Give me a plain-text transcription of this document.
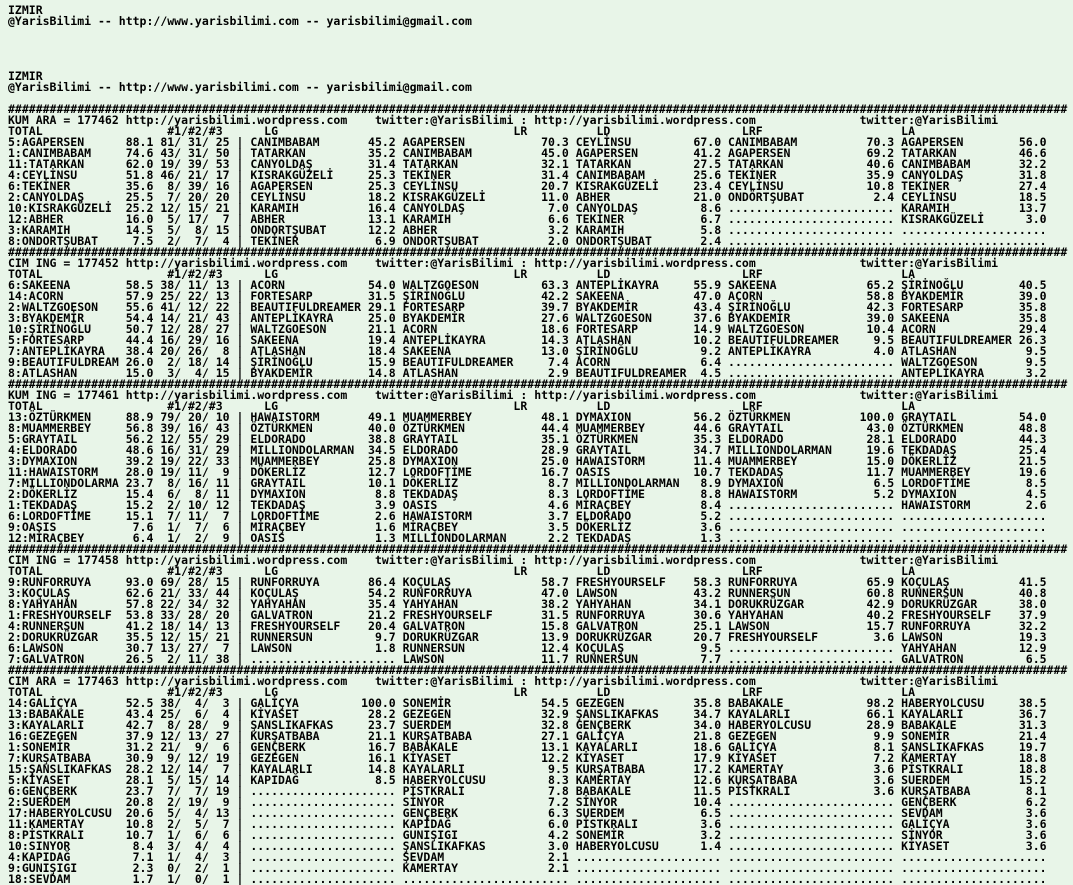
IZMIR
@YarisBilimi -- http://www.yarisbilimi.com -- yarisbilimi@gmail.com
IZMIR
@YarisBilimi -- http://www.yarisbilimi.com -- yarisbilimi@gmail.com
#########################################################################################################################################################
KUM ARA = 177462 http://yarisbilimi.wordpress.com    twitter:@YarisBilimi : http://yarisbilimi.wordpress.com               twitter:@YarisBilimi
TOTAL                  #1/#2/#3      LG                                  LR          LD                   LRF                    LA
5:AGAPERSEN      88.1 81/ 31/ 25 | CANIMBABAM       45.2 AGAPERSEN           70.3 CEYLİNSU         67.0 CANIMBABAM          70.3 AGAPERSEN        56.0
1:CANIMBABAM     74.6 43/ 31/ 50 | TATARKAN         35.2 CANIMBABAM          45.0 AGAPERSEN        41.2 AGAPERSEN           69.2 TATARKAN         46.6
11:TATARKAN      62.0 19/ 39/ 53 | CANYOLDAŞ        31.4 TATARKAN            32.1 TATARKAN         27.5 TATARKAN            40.6 CANIMBABAM       32.2
4:CEYLİNSU       51.8 46/ 21/ 17 | KISRAKGÜZELİ     25.3 TEKİNER             31.4 CANIMBABAM       25.6 TEKİNER             35.9 CANYOLDAŞ        31.8
6:TEKİNER        35.6  8/ 39/ 16 | AGAPERSEN        25.3 CEYLİNSU            20.7 KISRAKGÜZELİ     23.4 CEYLİNSU            10.8 TEKİNER          27.4
2:CANYOLDAŞ      25.5  7/ 20/ 20 | CEYLİNSU         18.2 KISRAKGÜZELİ        11.0 ABHER            21.0 ONDÖRTŞUBAT          2.4 CEYLİNSU         18.5
10:KISRAKGÜZELİ  25.2 12/ 15/ 21 | KARAMIH          16.4 CANYOLDAŞ            7.0 CANYOLDAŞ         8.6 ........................ KARAMIH          13.7
12:ABHER         16.0  5/ 17/  7 | ABHER            13.1 KARAMIH              6.6 TEKİNER           6.7 ........................ KISRAKGÜZELİ      3.0
3:KARAMIH        14.5  5/  8/ 15 | ONDORTŞUBAT      12.2 ABHER                3.2 KARAMIH           5.8 ........................ .....................
8:ONDORTŞUBAT     7.5  2/  7/  4 | TEKİNER           6.9 ONDORTŞUBAT          2.0 ONDORTŞUBAT       2.4 ........................ .....................
#########################################################################################################################################################
CIM ING = 177452 http://yarisbilimi.wordpress.com    twitter:@YarisBilimi : http://yarisbilimi.wordpress.com               twitter:@YarisBilimi
TOTAL                  #1/#2/#3      LG                                  LR          LD                   LRF                    LA
6:SAKEENA        58.5 38/ 11/ 13 | ACORN            54.0 WALTZGOESON         63.3 ANTEPLİKAYRA     55.9 SAKEENA             65.2 ŞİRİNOĞLU        40.5
14:ACORN         57.9 25/ 22/ 13 | FORTESARP        31.5 ŞİRİNOĞLU           42.2 SAKEENA          47.0 ACORN               58.8 BYAKDEMİR        39.0
2:WALTZGOESON    55.6 41/ 12/ 22 | BEAUTIFULDREAMER 29.1 FORTESARP           39.7 BYAKDEMİR        43.4 ŞİRİNOĞLU           42.3 FORTESARP        35.8
3:BYAKDEMİR      54.4 14/ 21/ 43 | ANTEPLİKAYRA     25.0 BYAKDEMİR           27.6 WALTZGOESON      37.6 BYAKDEMİR           39.0 SAKEENA          35.8
10:ŞİRİNOĞLU     50.7 12/ 28/ 27 | WALTZGOESON      21.1 ACORN               18.6 FORTESARP        14.9 WALTZGOESON         10.4 ACORN            29.4
5:FORTESARP      44.4 16/ 29/ 16 | SAKEENA          19.4 ANTEPLİKAYRA        14.3 ATLASHAN         10.2 BEAUTIFULDREAMER     9.5 BEAUTIFULDREAMER 26.3
7:ANTEPLİKAYRA   38.4 20/ 26/  8 | ATLASHAN         18.4 SAKEENA             13.0 ŞİRİNOĞLU         9.2 ANTEPLİKAYRA         4.0 ATLASHAN          9.5
9:BEAUTIFULDREAM 26.0  2/ 18/ 14 | ŞİRİNOĞLU        15.9 BEAUTIFULDREAMER     7.4 ACORN             6.4 ........................ WALTZGOESON       9.5
8:ATLASHAN       15.0  3/  4/ 15 | BYAKDEMİR        14.8 ATLASHAN             2.9 BEAUTIFULDREAMER  4.5 ........................ ANTEPLİKAYRA      3.2
#########################################################################################################################################################
KUM ING = 177461 http://yarisbilimi.wordpress.com    twitter:@YarisBilimi : http://yarisbilimi.wordpress.com               twitter:@YarisBilimi
TOTAL                  #1/#2/#3      LG                                  LR          LD                   LRF                    LA
13:ÖZTÜRKMEN     88.9 79/ 20/ 10 | HAWAISTORM       49.1 MUAMMERBEY          48.1 DYMAXION         56.2 ÖZTÜRKMEN          100.0 GRAYTAIL         54.0
8:MUAMMERBEY     56.8 39/ 16/ 43 | ÖZTÜRKMEN        40.0 ÖZTÜRKMEN           44.4 MUAMMERBEY       44.6 GRAYTAIL            43.0 ÖZTÜRKMEN        48.8
5:GRAYTAIL       56.2 12/ 55/ 29 | ELDORADO         38.8 GRAYTAIL            35.1 ÖZTÜRKMEN        35.3 ELDORADO            28.1 ELDORADO         44.3
4:ELDORADO       48.6 16/ 31/ 29 | MILLIONDOLARMAN  34.5 ELDORADO            28.9 GRAYTAIL         34.7 MILLIONDOLARMAN     19.6 TEKDADAŞ         25.4
3:DYMAXION       39.2 19/ 22/ 33 | MUAMMERBEY       25.8 DYMAXION            25.0 HAWAISTORM       11.4 MUAMMERBEY          15.0 DÖKERLİZ         21.5
11:HAWAISTORM    28.0 19/ 11/  9 | DÖKERLİZ         12.7 LORDOFTİME          16.7 OASIS            10.7 TEKDADAŞ            11.7 MUAMMERBEY       19.6
7:MILLIONDOLARMA 23.7  8/ 16/ 11 | GRAYTAIL         10.1 DÖKERLİZ             8.7 MILLIONDOLARMAN   8.9 DYMAXION             6.5 LORDOFTİME        8.5
2:DÖKERLİZ       15.4  6/  8/ 11 | DYMAXION          8.8 TEKDADAŞ             8.3 LORDOFTİME        8.8 HAWAISTORM           5.2 DYMAXION          4.5
1:TEKDADAŞ       15.2  2/ 10/ 12 | TEKDADAŞ          3.9 OASIS                4.6 MİRAÇBEY          8.4 ........................ HAWAISTORM        2.6
6:LORDOFTİME     15.1  7/ 11/  7 | LORDOFTİME        2.6 HAWAISTORM           3.7 ELDORADO          5.2 ........................ .....................
9:OASIS           7.6  1/  7/  6 | MİRAÇBEY          1.6 MİRAÇBEY             3.5 DÖKERLİZ          3.6 ........................ .....................
12:MİRAÇBEY       6.4  1/  2/  9 | OASIS             1.3 MILLIONDOLARMAN      2.2 TEKDADAŞ          1.3 ........................ .....................
#########################################################################################################################################################
CIM ING = 177458 http://yarisbilimi.wordpress.com    twitter:@YarisBilimi : http://yarisbilimi.wordpress.com               twitter:@YarisBilimi
TOTAL                  #1/#2/#3      LG                                  LR          LD                   LRF                    LA
9:RUNFORRUYA     93.0 69/ 28/ 15 | RUNFORRUYA       86.4 KOÇULAŞ             58.7 FRESHYOURSELF    58.3 RUNFORRUYA          65.9 KOÇULAŞ          41.5
3:KOÇULAŞ        62.6 21/ 33/ 44 | KOÇULAŞ          54.2 RUNFORRUYA          47.0 LAWSON           43.2 RUNNERSUN           60.8 RUNNERSUN        40.8
8:YAHYAHAN       57.8 22/ 34/ 32 | YAHYAHAN         35.4 YAHYAHAN            38.2 YAHYAHAN         34.1 DORUKRÜZGAR         42.9 DORUKRÜZGAR      38.0
1:FRESHYOURSELF  53.8 33/ 28/ 20 | GALVATRON        21.2 FRESHYOURSELF       31.5 RUNFORRUYA       30.6 YAHYAHAN            40.2 FRESHYOURSELF    37.9
4:RUNNERSUN      41.2 18/ 14/ 13 | FRESHYOURSELF    20.4 GALVATRON           15.8 GALVATRON        25.1 LAWSON              15.7 RUNFORRUYA       32.2
2:DORUKRÜZGAR    35.5 12/ 15/ 21 | RUNNERSUN         9.7 DORUKRÜZGAR         13.9 DORUKRÜZGAR      20.7 FRESHYOURSELF        3.6 LAWSON           19.3
6:LAWSON         30.7 13/ 27/  7 | LAWSON            1.8 RUNNERSUN           12.4 KOÇULAŞ           9.5 ........................ YAHYAHAN         12.9
7:GALVATRON      26.5  2/ 11/ 38 | ..................... LAWSON              11.7 RUNNERSUN         7.7 ........................ GALVATRON         6.5
#########################################################################################################################################################
CIM ARA = 177463 http://yarisbilimi.wordpress.com    twitter:@YarisBilimi : http://yarisbilimi.wordpress.com               twitter:@YarisBilimi
TOTAL                  #1/#2/#3      LG                                  LR          LD                   LRF                    LA
14:GALİÇYA       52.5 38/  4/  3 | GALİÇYA         100.0 SONEMİR             54.5 GEZEGEN          35.8 BABAKALE            98.2 HABERYOLCUSU     38.5
13:BABAKALE      43.4 25/  6/  4 | KİYASET          28.2 GEZEGEN             32.9 ŞANSLIKAFKAS     34.7 KAYALARLI           66.1 KAYALARLI        36.7
3:KAYALARLI      42.7  8/ 28/  9 | ŞANSLIKAFKAS     23.7 SUERDEM             32.8 GENÇBERK         34.0 HABERYOLCUSU        28.9 BABAKALE         31.3
16:GEZEGEN       37.9 12/ 13/ 27 | KURŞATBABA       21.1 KURŞATBABA          27.1 GALİÇYA          21.8 GEZEGEN              9.9 SONEMİR          21.4
1:SONEMİR        31.2 21/  9/  6 | GENÇBERK         16.7 BABAKALE            13.1 KAYALARLI        18.6 GALİÇYA              8.1 ŞANSLIKAFKAS     19.7
7:KURŞATBABA     30.9  9/ 12/ 19 | GEZEGEN          16.1 KİYASET             12.2 KİYASET          17.9 KİYASET              7.2 KAMERTAY         18.8
15:ŞANSLIKAFKAS  28.2 12/ 14/  7 | KAYALARLI        14.8 KAYALARLI            9.5 KURŞATBABA       17.2 KAMERTAY             3.6 PİSTKRALI        18.8
5:KİYASET        28.1  5/ 15/ 14 | KAPIDAĞ           8.5 HABERYOLCUSU         8.3 KAMERTAY         12.6 KURŞATBABA           3.6 SUERDEM          15.2
6:GENÇBERK       23.7  7/  7/ 19 | ..................... PİSTKRALI            7.8 BABAKALE         11.5 PİSTKRALI            3.6 KURŞATBABA        8.1
2:SUERDEM        20.8  2/ 19/  9 | ..................... SİNYOR               7.2 SİNYOR           10.4 ........................ GENÇBERK          6.2
17:HABERYOLCUSU  20.6  5/  4/ 13 | ..................... GENÇBERK             6.3 SUERDEM           6.5 ........................ SEVDAM            3.6
11:KAMERTAY      10.8  2/  5/  7 | ..................... KAPİDAĞ              6.0 PİSTKRALI         3.6 ........................ GALİÇYA           3.6
8:PİSTKRALI      10.7  1/  6/  6 | ..................... GUNIŞIGI             4.2 SONEMİR           3.2 ........................ SİNYOR            3.6
10:SINYOR         8.4  3/  4/  4 | ..................... ŞANSLIKAFKAS         3.0 HABERYOLCUSU      1.4 ........................ KİYASET           3.6
4:KAPIDAĞ         7.1  1/  4/  3 | ..................... ŞEVDAM               2.1 ..................... ........................ .....................
9:GUNIŞIGI        2.3  0/  2/  1 | ..................... KAMERTAY             2.1 ..................... ........................ .....................
18:SEVDAM         1.7  1/  0/  1 | ..................... ........................ ..................... ........................ .....................
